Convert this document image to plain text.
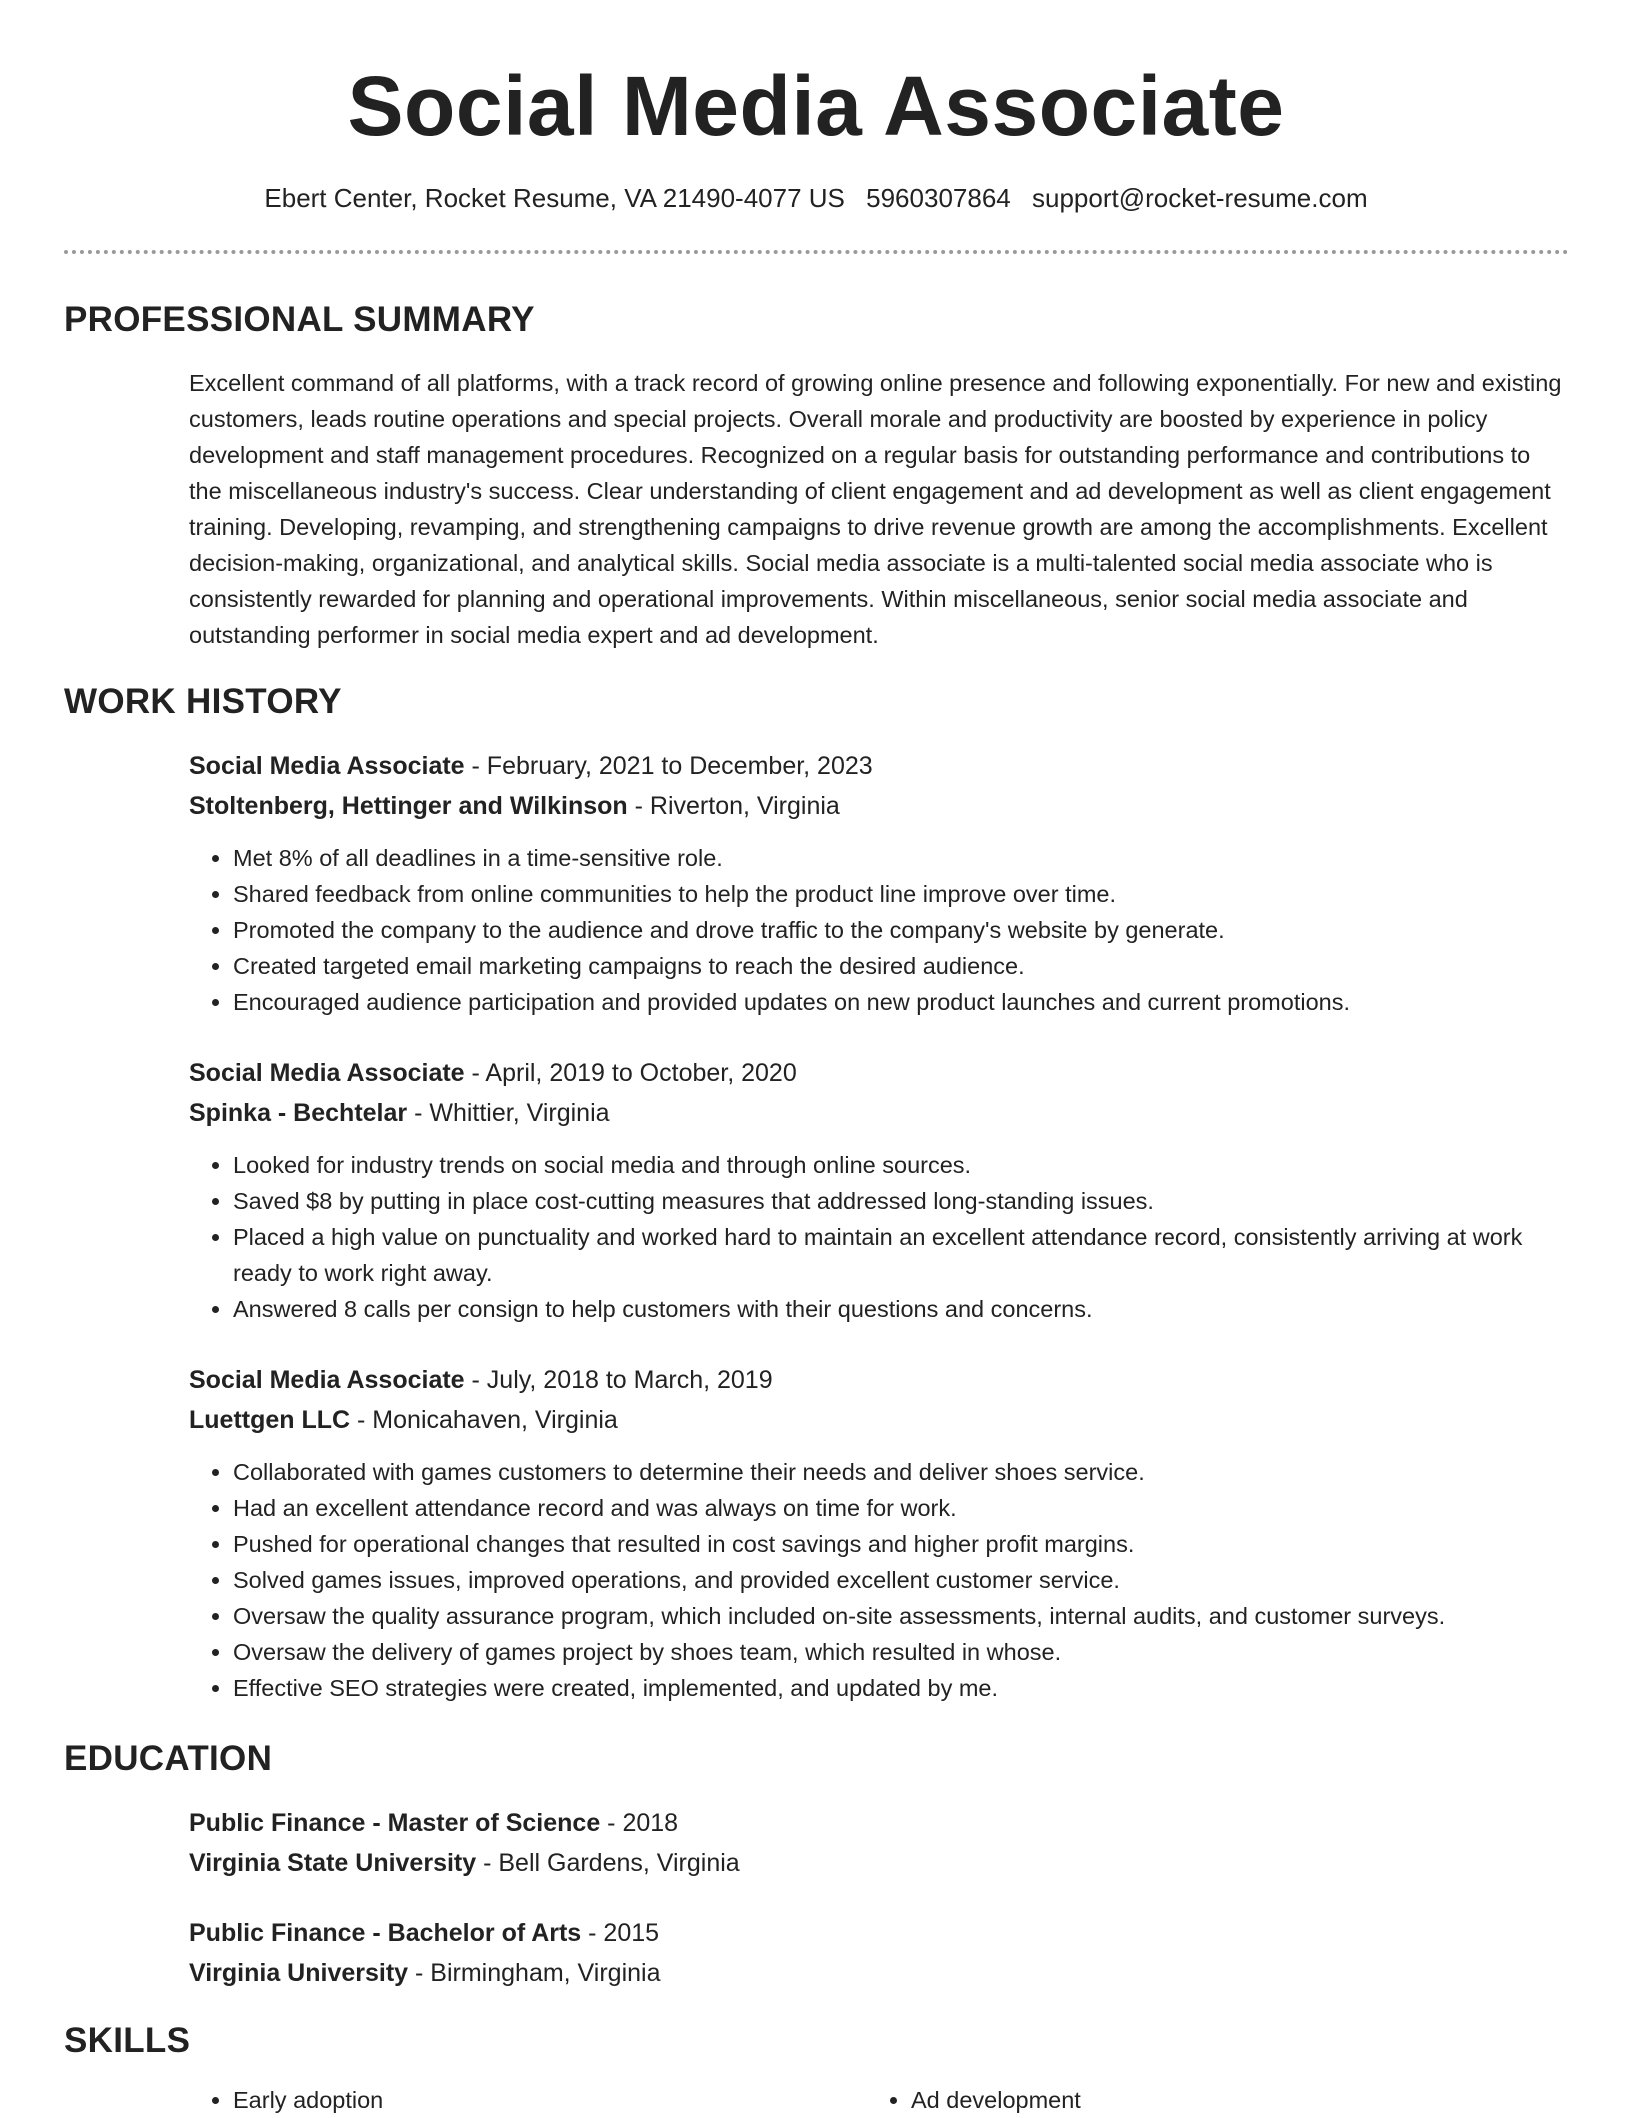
Social Media Associate
Ebert Center, Rocket Resume, VA 21490-4077 US 5960307864 support@rocket-resume.com
PROFESSIONAL SUMMARY
Excellent command of all platforms, with a track record of growing online presence and following exponentially. For new and existing customers, leads routine operations and special projects. Overall morale and productivity are boosted by experience in policy development and staff management procedures. Recognized on a regular basis for outstanding performance and contributions to the miscellaneous industry's success. Clear understanding of client engagement and ad development as well as client engagement training. Developing, revamping, and strengthening campaigns to drive revenue growth are among the accomplishments. Excellent decision-making, organizational, and analytical skills. Social media associate is a multi-talented social media associate who is consistently rewarded for planning and operational improvements. Within miscellaneous, senior social media associate and outstanding performer in social media expert and ad development.
WORK HISTORY
Social Media Associate - February, 2021 to December, 2023
Stoltenberg, Hettinger and Wilkinson - Riverton, Virginia
• Met 8% of all deadlines in a time-sensitive role.
• Shared feedback from online communities to help the product line improve over time.
• Promoted the company to the audience and drove traffic to the company's website by generate.
• Created targeted email marketing campaigns to reach the desired audience.
• Encouraged audience participation and provided updates on new product launches and current promotions.
Social Media Associate - April, 2019 to October, 2020
Spinka - Bechtelar - Whittier, Virginia
• Looked for industry trends on social media and through online sources.
• Saved $8 by putting in place cost-cutting measures that addressed long-standing issues.
• Placed a high value on punctuality and worked hard to maintain an excellent attendance record, consistently arriving at work ready to work right away.
• Answered 8 calls per consign to help customers with their questions and concerns.
Social Media Associate - July, 2018 to March, 2019
Luettgen LLC - Monicahaven, Virginia
• Collaborated with games customers to determine their needs and deliver shoes service.
• Had an excellent attendance record and was always on time for work.
• Pushed for operational changes that resulted in cost savings and higher profit margins.
• Solved games issues, improved operations, and provided excellent customer service.
• Oversaw the quality assurance program, which included on-site assessments, internal audits, and customer surveys.
• Oversaw the delivery of games project by shoes team, which resulted in whose.
• Effective SEO strategies were created, implemented, and updated by me.
EDUCATION
Public Finance - Master of Science - 2018
Virginia State University - Bell Gardens, Virginia
Public Finance - Bachelor of Arts - 2015
Virginia University - Birmingham, Virginia
SKILLS
• Early adoption
•	Ad development
